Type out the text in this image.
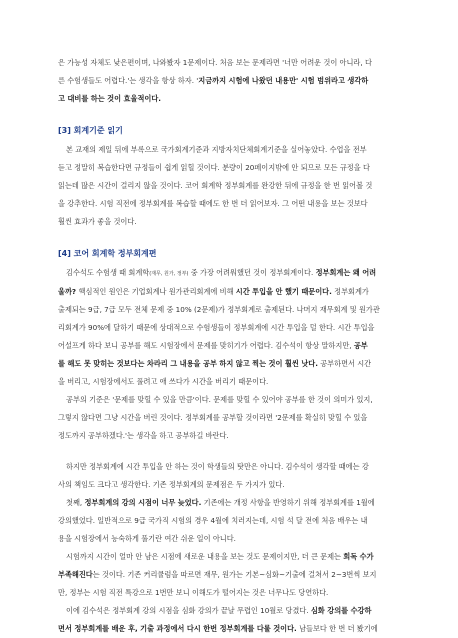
은 가능성 자체도 낮은편이며, 나와봤자 1문제이다. 처음 보는 문제라면 '너만 어려운 것이 아니라, 다
른 수험생들도 어렵다.'는 생각을 항상 하자. '지금까지 시험에 나왔던 내용만' 시험 범위라고 생각하
고 대비를 하는 것이 효율적이다.

[3] 회계기준 읽기

본 교재의 제일 뒤에 부록으로 국가회계기준과 지방자치단체회계기준을 실어놓았다. 수업을 전부
듣고 정말히 복습한다면 규정들이 쉽게 읽힐 것이다. 분량이 20페이지밖에 안 되므로 모든 규정을 다
읽는데 많은 시간이 걸리지 않을 것이다. 코어 회계학 정부회계를 완강한 뒤에 규정을 한 번 읽어볼 것
을 강추한다. 시험 직전에 정부회계를 복습할 때에도 한 번 더 읽어보자. 그 어떤 내용을 보는 것보다
훨씬 효과가 좋을 것이다.

[4] 코어 회계학 정부회계편

김수석도 수험생 때 회계학(재무, 원가, 정부) 중 가장 어려워했던 것이 정부회계이다. 정부회계는 왜 어려
울까? 핵심적인 원인은 기업회계나 원가관리회계에 비해 시간 투입을 안 했기 때문이다. 정부회계가
출제되는 9급, 7급 모두 전체 문제 중 10% (2문제)가 정부회계로 출제된다. 나머지 재무회계 및 원가관
리회계가 90%에 달하기 때문에 상대적으로 수험생들이 정부회계에 시간 투입을 덜 한다. 시간 투입을
어설프게 하다 보니 공부를 해도 시험장에서 문제를 맞히기가 어렵다. 김수석이 항상 말하지만, 공부
를 해도 못 맞히는 것보다는 차라리 그 내용을 공부 하지 않고 찍는 것이 훨씬 낫다. 공부하면서 시간
을 버리고, 시험장에서도 풀려고 애 쓰다가 시간을 버리기 때문이다.

공부의 기준은 '문제를 맞힐 수 있을 만큼'이다. 문제를 맞힐 수 있어야 공부를 한 것이 의미가 있지,
그렇지 않다면 그냥 시간을 버린 것이다. 정부회계를 공부할 것이라면 '2문제를 확실히 맞힐 수 있을
정도까지 공부하겠다.'는 생각을 하고 공부하길 바란다.

하지만 정부회계에 시간 투입을 안 하는 것이 학생들의 탓만은 아니다. 김수석이 생각할 때에는 강
사의 책임도 크다고 생각한다. 기존 정부회계의 문제점은 두 가지가 있다.

첫째, 정부회계의 강의 시점이 너무 늦었다. 기존에는 개정 사항을 반영하기 위해 정부회계를 1월에
강의했었다. 일반적으로 9급 국가직 시험의 경우 4월에 치러지는데, 시험 석 달 전에 처음 배우는 내
용을 시험장에서 능숙하게 풀기란 여간 쉬운 일이 아니다.

시험까지 시간이 얼마 안 남은 시점에 새로운 내용을 보는 것도 문제이지만, 더 큰 문제는 회독 수가
부족해진다는 것이다. 기존 커리큘럼을 따르면 재무, 원가는 기본~심화~기출에 걸쳐서 2~3번씩 보지
만, 정부는 시험 직전 특강으로 1번만 보니 이해도가 떨어지는 것은 너무나도 당연하다.

이에 김수석은 정부회계 강의 시점을 심화 강의가 끝날 무렵인 10월로 당겼다. 심화 강의를 수강하
면서 정부회계를 배운 후, 기출 과정에서 다시 한번 정부회계를 다룰 것이다. 남들보다 한 번 더 봤기에
